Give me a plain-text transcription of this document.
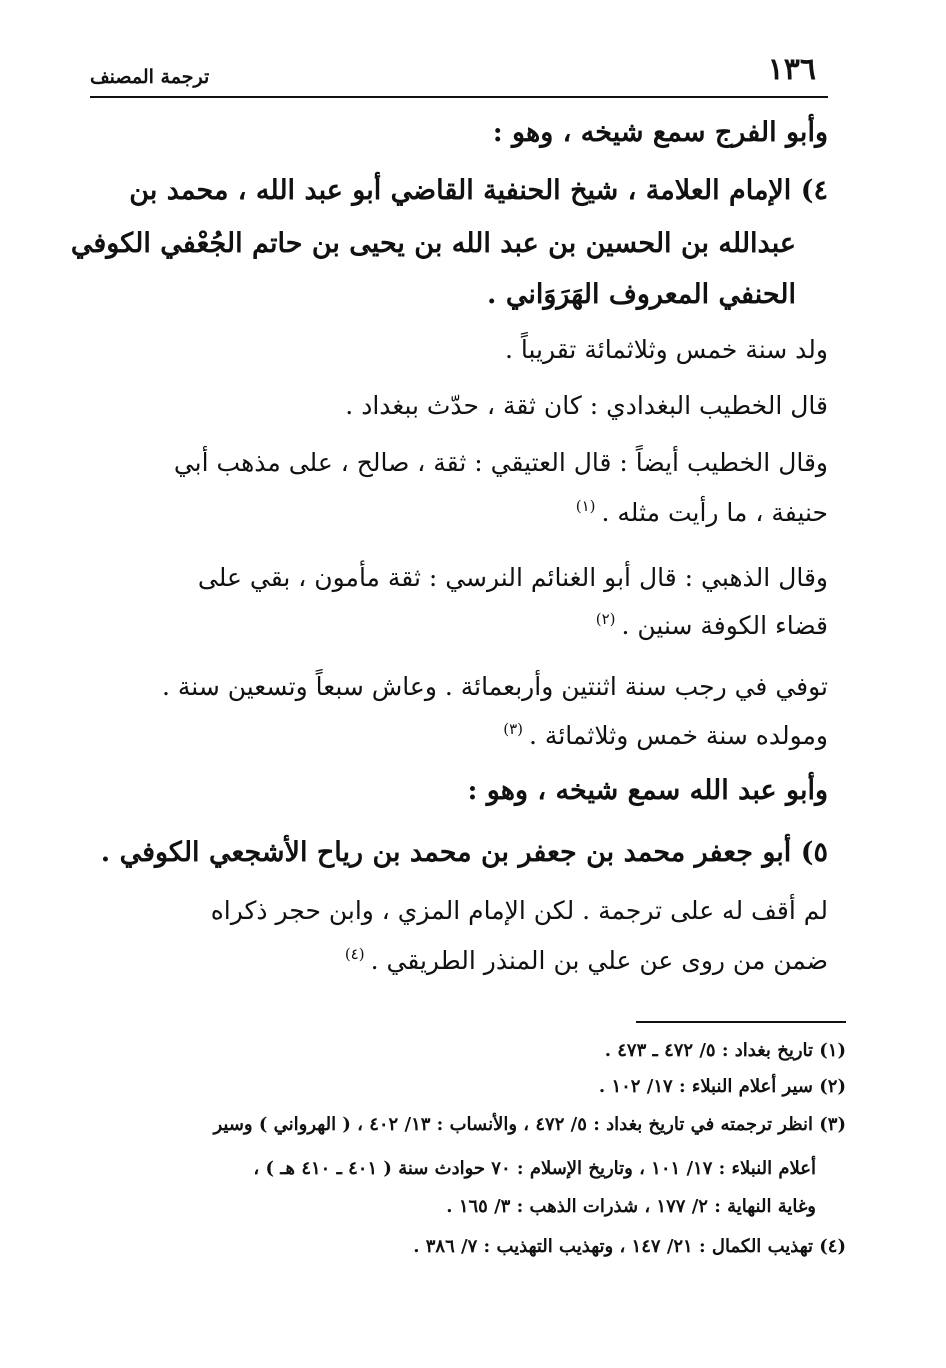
١٣٦
ترجمة المصنف
وأبو الفرج سمع شيخه ، وهو :
٤) الإمام العلامة ، شيخ الحنفية القاضي أبو عبد الله ، محمد بن
عبدالله بن الحسين بن عبد الله بن يحيى بن حاتم الجُعْفي الكوفي
الحنفي المعروف الهَرَوَاني .
ولد سنة خمس وثلاثمائة تقريباً .
قال الخطيب البغدادي : كان ثقة ، حدّث ببغداد .
وقال الخطيب أيضاً : قال العتيقي : ثقة ، صالح ، على مذهب أبي
حنيفة ، ما رأيت مثله .$^{(١)}$
وقال الذهبي : قال أبو الغنائم النرسي : ثقة مأمون ، بقي على
قضاء الكوفة سنين .$^{(٢)}$
توفي في رجب سنة اثنتين وأربعمائة . وعاش سبعاً وتسعين سنة .
ومولده سنة خمس وثلاثمائة .$^{(٣)}$
وأبو عبد الله سمع شيخه ، وهو :
٥) أبو جعفر محمد بن جعفر بن محمد بن رياح الأشجعي الكوفي .
لم أقف له على ترجمة . لكن الإمام المزي ، وابن حجر ذكراه
ضمن من روى عن علي بن المنذر الطريقي .$^{(٤)}$
(١) تاريخ بغداد : ٥/ ٤٧٢ ـ ٤٧٣ .
(٢) سير أعلام النبلاء : ١٧/ ١٠٢ .
(٣) انظر ترجمته في تاريخ بغداد : ٥/ ٤٧٢ ، والأنساب : ١٣/ ٤٠٢ ، ( الهرواني ) وسير
أعلام النبلاء : ١٧/ ١٠١ ، وتاريخ الإسلام : ٧٠ حوادث سنة ( ٤٠١ ـ ٤١٠ هـ ) ،
وغاية النهاية : ٢/ ١٧٧ ، شذرات الذهب : ٣/ ١٦٥ .
(٤) تهذيب الكمال : ٢١/ ١٤٧ ، وتهذيب التهذيب : ٧/ ٣٨٦ .
